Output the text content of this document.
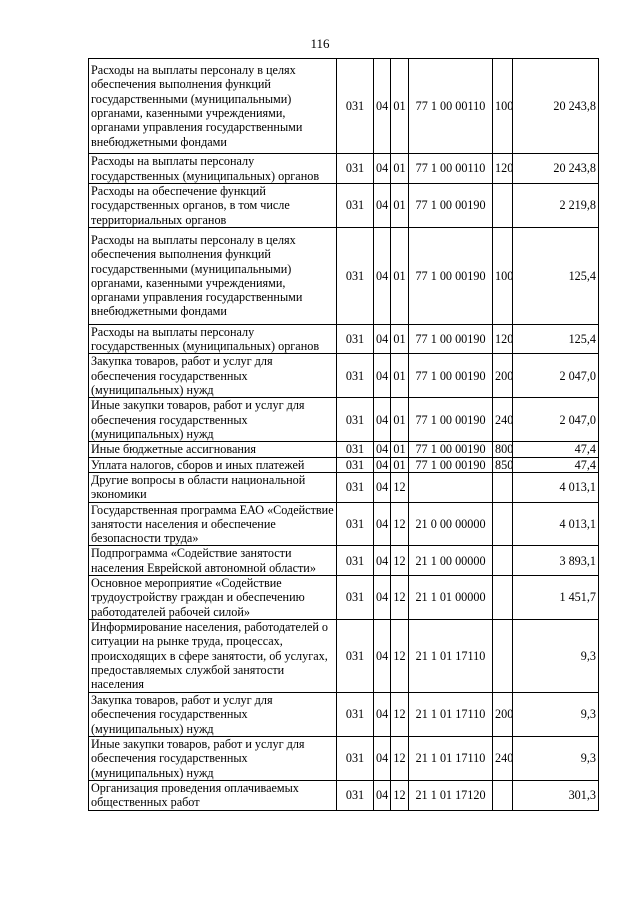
116
Расходы на выплаты персоналу в целях обеспечения выполнения функций государственными (муниципальными) органами, казенными учреждениями, органами управления государственными внебюджетными фондами	031	04	01	77 1 00 00110	100	20 243,8
Расходы на выплаты персоналу государственных (муниципальных) органов	031	04	01	77 1 00 00110	120	20 243,8
Расходы на обеспечение функций государственных органов, в том числе территориальных органов	031	04	01	77 1 00 00190		2 219,8
Расходы на выплаты персоналу в целях обеспечения выполнения функций государственными (муниципальными) органами, казенными учреждениями, органами управления государственными внебюджетными фондами	031	04	01	77 1 00 00190	100	125,4
Расходы на выплаты персоналу государственных (муниципальных) органов	031	04	01	77 1 00 00190	120	125,4
Закупка товаров, работ и услуг для обеспечения государственных (муниципальных) нужд	031	04	01	77 1 00 00190	200	2 047,0
Иные закупки товаров, работ и услуг для обеспечения государственных (муниципальных) нужд	031	04	01	77 1 00 00190	240	2 047,0
Иные бюджетные ассигнования	031	04	01	77 1 00 00190	800	47,4
Уплата налогов, сборов и иных платежей	031	04	01	77 1 00 00190	850	47,4
Другие вопросы в области национальной экономики	031	04	12			4 013,1
Государственная программа ЕАО «Содействие занятости населения и обеспечение безопасности труда»	031	04	12	21 0 00 00000		4 013,1
Подпрограмма «Содействие занятости населения Еврейской автономной области»	031	04	12	21 1 00 00000		3 893,1
Основное мероприятие «Содействие трудоустройству граждан и обеспечению работодателей рабочей силой»	031	04	12	21 1 01 00000		1 451,7
Информирование населения, работодателей о ситуации на рынке труда, процессах, происходящих в сфере занятости, об услугах, предоставляемых службой занятости населения	031	04	12	21 1 01 17110		9,3
Закупка товаров, работ и услуг для обеспечения государственных (муниципальных) нужд	031	04	12	21 1 01 17110	200	9,3
Иные закупки товаров, работ и услуг для обеспечения государственных (муниципальных) нужд	031	04	12	21 1 01 17110	240	9,3
Организация проведения оплачиваемых общественных работ	031	04	12	21 1 01 17120		301,3
